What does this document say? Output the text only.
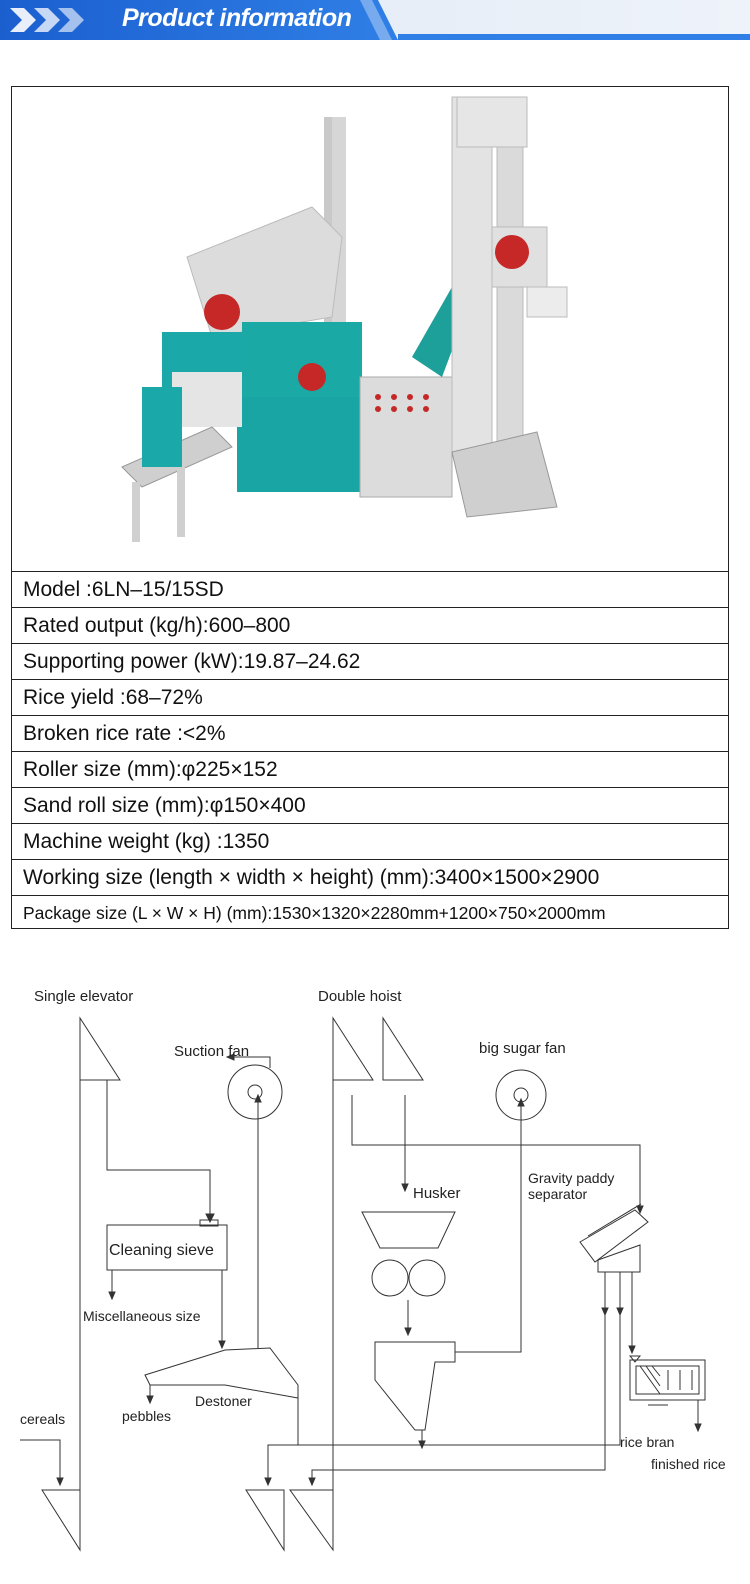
Product information
Model :6LN–15/15SD
Rated output (kg/h):600–800
Supporting power (kW):19.87–24.62
Rice yield :68–72%
Broken rice rate :<2%
Roller size (mm):φ225×152
Sand roll size (mm):φ150×400
Machine weight (kg) :1350
Working size (length × width × height) (mm):3400×1500×2900
Package size (L × W × H) (mm):1530×1320×2280mm+1200×750×2000mm
Single elevator	Double hoist
Suction fan	big sugar fan
Husker
Gravity paddy
separator
Cleaning sieve
Miscellaneous size
Destoner
pebbles
cereals
rice bran
finished rice
